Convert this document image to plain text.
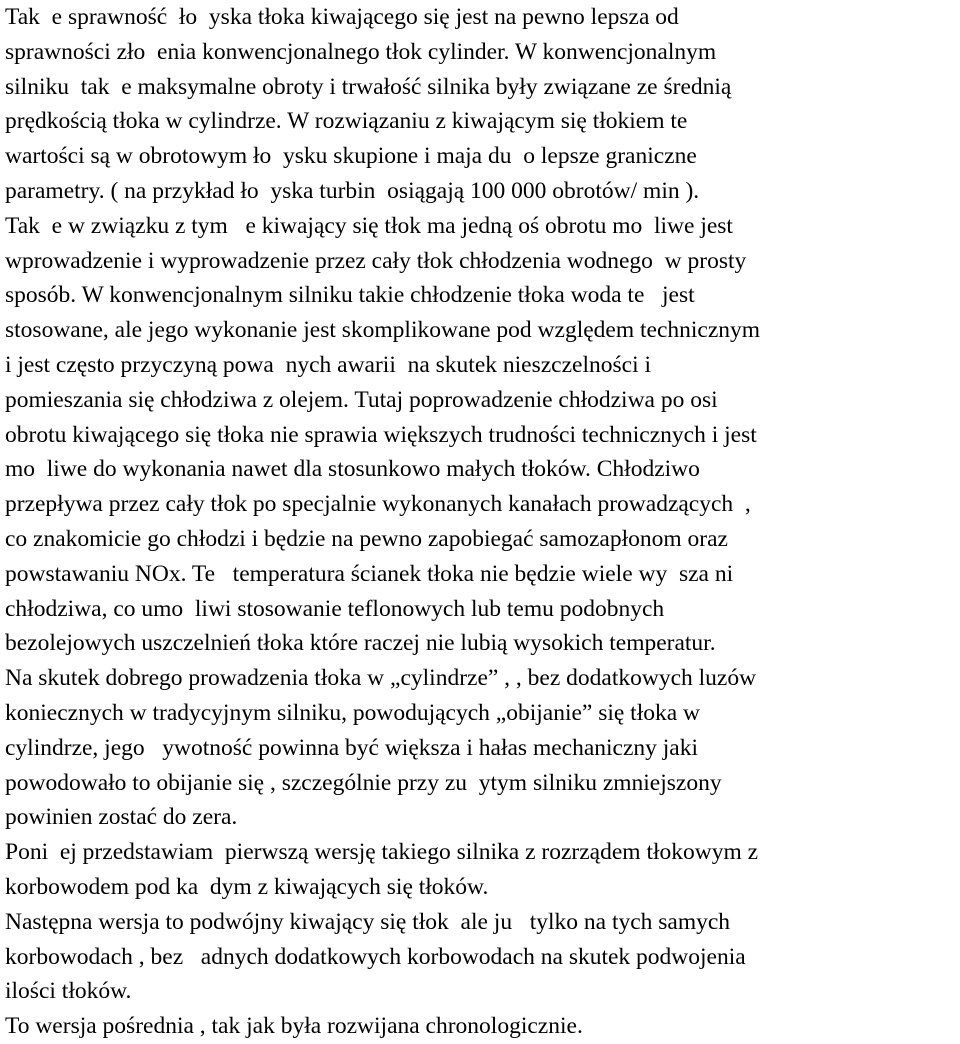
Tak  e sprawność  ło  yska tłoka kiwającego się jest na pewno lepsza od
sprawności zło  enia konwencjonalnego tłok cylinder. W konwencjonalnym
silniku  tak  e maksymalne obroty i trwałość silnika były związane ze średnią
prędkością tłoka w cylindrze. W rozwiązaniu z kiwającym się tłokiem te
wartości są w obrotowym ło  ysku skupione i maja du  o lepsze graniczne
parametry. ( na przykład ło  yska turbin  osiągają 100 000 obrotów/ min ).
Tak  e w związku z tym   e kiwający się tłok ma jedną oś obrotu mo  liwe jest
wprowadzenie i wyprowadzenie przez cały tłok chłodzenia wodnego  w prosty
sposób. W konwencjonalnym silniku takie chłodzenie tłoka woda te   jest
stosowane, ale jego wykonanie jest skomplikowane pod względem technicznym
i jest często przyczyną powa  nych awarii  na skutek nieszczelności i
pomieszania się chłodziwa z olejem. Tutaj poprowadzenie chłodziwa po osi
obrotu kiwającego się tłoka nie sprawia większych trudności technicznych i jest
mo  liwe do wykonania nawet dla stosunkowo małych tłoków. Chłodziwo
przepływa przez cały tłok po specjalnie wykonanych kanałach prowadzących  ,
co znakomicie go chłodzi i będzie na pewno zapobiegać samozapłonom oraz
powstawaniu NOx. Te   temperatura ścianek tłoka nie będzie wiele wy  sza ni
chłodziwa, co umo  liwi stosowanie teflonowych lub temu podobnych
bezolejowych uszczelnień tłoka które raczej nie lubią wysokich temperatur.
Na skutek dobrego prowadzenia tłoka w „cylindrze” , , bez dodatkowych luzów
koniecznych w tradycyjnym silniku, powodujących „obijanie” się tłoka w
cylindrze, jego   ywotność powinna być większa i hałas mechaniczny jaki
powodowało to obijanie się , szczególnie przy zu  ytym silniku zmniejszony
powinien zostać do zera.
Poni  ej przedstawiam  pierwszą wersję takiego silnika z rozrządem tłokowym z
korbowodem pod ka  dym z kiwających się tłoków.
Następna wersja to podwójny kiwający się tłok  ale ju   tylko na tych samych
korbowodach , bez   adnych dodatkowych korbowodach na skutek podwojenia
ilości tłoków.
To wersja pośrednia , tak jak była rozwijana chronologicznie.
